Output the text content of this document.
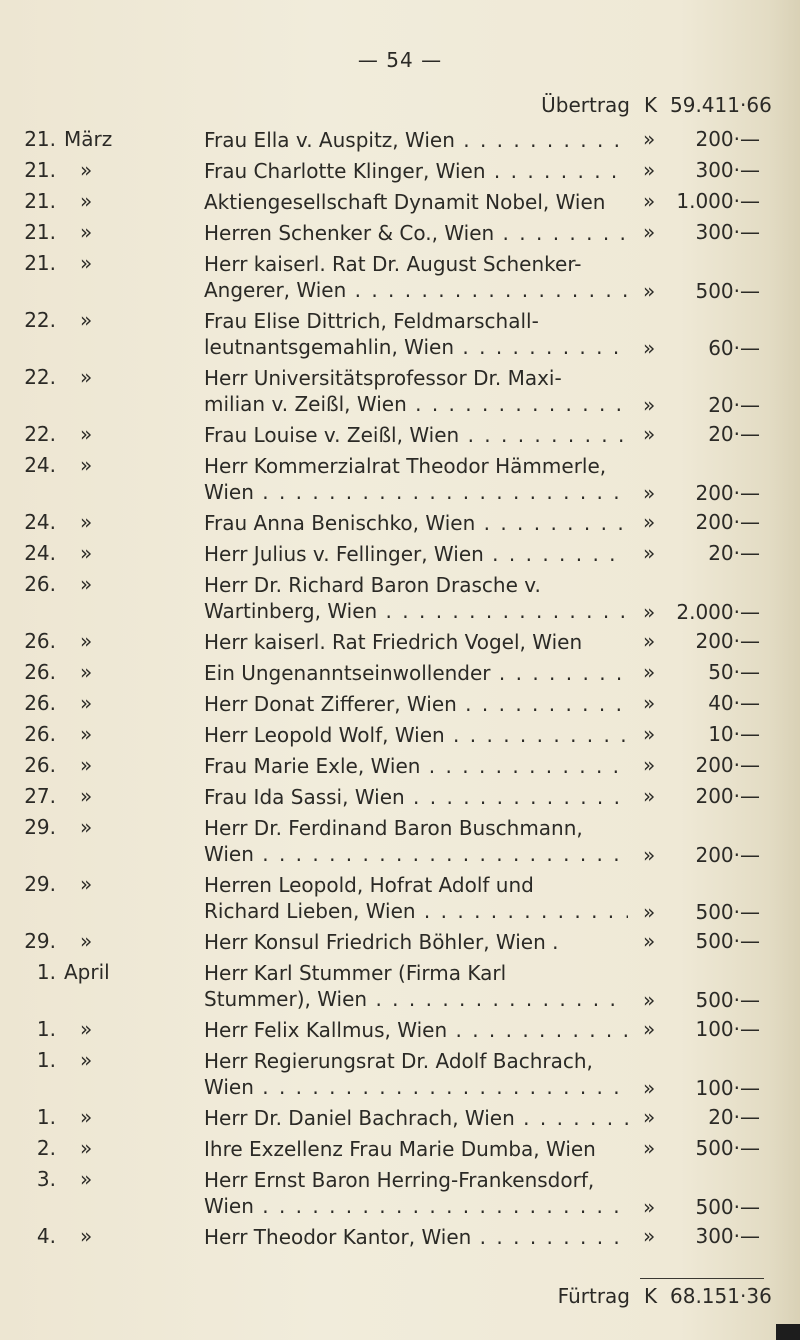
— 54 —
Übertrag K 59.411·66
21. März	Frau Ella v. Auspitz, Wien . . .	» 200·—
21. »	Frau Charlotte Klinger, Wien . . .	» 300·—
21. »	Aktiengesellschaft Dynamit Nobel, Wien	» 1.000·—
21. »	Herren Schenker & Co., Wien . . .	» 300·—
21. »	Herr kaiserl. Rat Dr. August Schenker-
Angerer, Wien . . .	» 500·—
22. »	Frau Elise Dittrich, Feldmarschall-
leutnantsgemahlin, Wien . . .	»	60·—
22. »	Herr Universitätsprofessor Dr. Maxi-
milian v. Zeißl, Wien . . .	»	20·—
22. »	Frau Louise v. Zeißl, Wien . . .	»	20·—
24. »	Herr Kommerzialrat Theodor Hämmerle,
Wien . . .	» 200·—
24. »	Frau Anna Benischko, Wien . . .	» 200·—
24. »	Herr Julius v. Fellinger, Wien . . .	»	20·—
26. »	Herr Dr. Richard Baron Drasche v.
Wartinberg, Wien . . .	» 2.000·—
26. »	Herr kaiserl. Rat Friedrich Vogel, Wien	» 200·—
26. »	Ein Ungenanntseinwollender . . .	»	50·—
26. »	Herr Donat Zifferer, Wien . . .	»	40·—
26. »	Herr Leopold Wolf, Wien . . .	»	10·—
26. »	Frau Marie Exle, Wien . . .	» 200·—
27. »	Frau Ida Sassi, Wien . . .	» 200·—
29. »	Herr Dr. Ferdinand Baron Buschmann,
Wien . . .	» 200·—
29. »	Herren Leopold, Hofrat Adolf und
Richard Lieben, Wien . . .	» 500·—
29. »	Herr Konsul Friedrich Böhler, Wien .	» 500·—
1. April	Herr Karl Stummer (Firma Karl
Stummer), Wien . . .	» 500·—
1. »	Herr Felix Kallmus, Wien . . .	» 100·—
1. »	Herr Regierungsrat Dr. Adolf Bachrach,
Wien . . .	» 100·—
1. »	Herr Dr. Daniel Bachrach, Wien . . .	»	20·—
2. »	Ihre Exzellenz Frau Marie Dumba, Wien	» 500·—
3. »	Herr Ernst Baron Herring-Frankensdorf,
Wien . . .	» 500·—
4. »	Herr Theodor Kantor, Wien . . .	» 300·—
Fürtrag K 68.151·36
